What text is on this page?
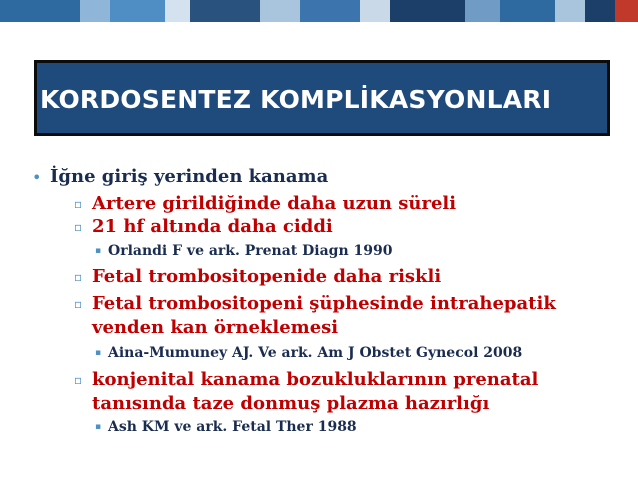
KORDOSENTEZ KOMPLİKASYONLARI
• İğne giriş yerinden kanama
▫ Artere girildiğinde daha uzun süreli
▫ 21 hf altında daha ciddi
▪ Orlandi F ve ark. Prenat Diagn 1990
▫ Fetal trombositopenide daha riskli
▫ Fetal trombositopeni şüphesinde intrahepatik
venden kan örneklemesi
▪ Aina-Mumuney AJ. Ve ark. Am J Obstet Gynecol 2008
▫ konjenital kanama bozukluklarının prenatal
tanısında taze donmuş plazma hazırlığı
▪ Ash KM ve ark. Fetal Ther 1988
